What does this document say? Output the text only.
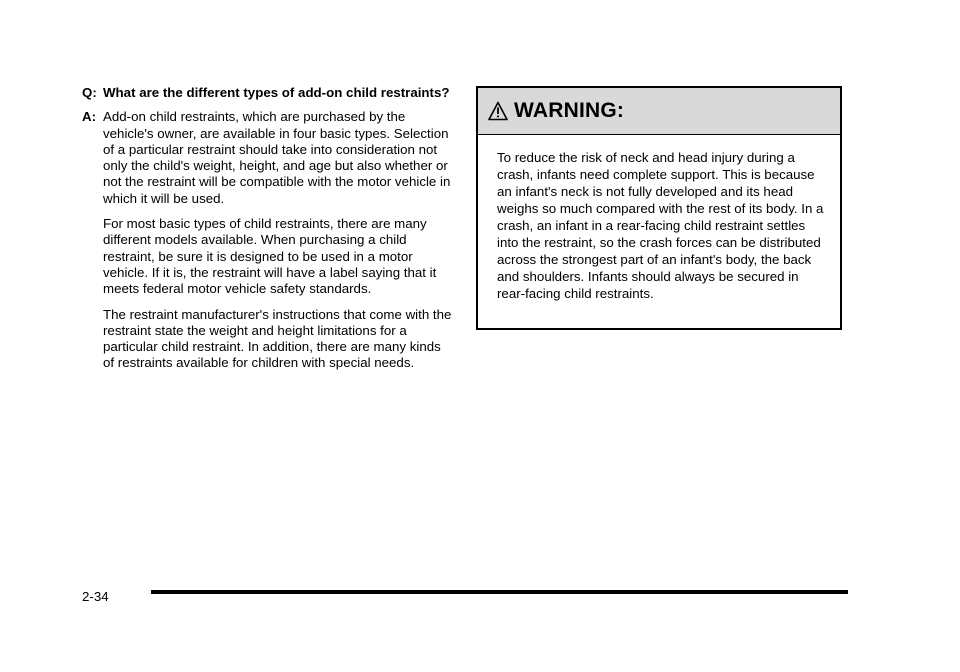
Q: What are the different types of add-on child restraints?
A: Add-on child restraints, which are purchased by the vehicle's owner, are available in four basic types. Selection of a particular restraint should take into consideration not only the child's weight, height, and age but also whether or not the restraint will be compatible with the motor vehicle in which it will be used.

For most basic types of child restraints, there are many different models available. When purchasing a child restraint, be sure it is designed to be used in a motor vehicle. If it is, the restraint will have a label saying that it meets federal motor vehicle safety standards.

The restraint manufacturer's instructions that come with the restraint state the weight and height limitations for a particular child restraint. In addition, there are many kinds of restraints available for children with special needs.

WARNING:

To reduce the risk of neck and head injury during a crash, infants need complete support. This is because an infant's neck is not fully developed and its head weighs so much compared with the rest of its body. In a crash, an infant in a rear-facing child restraint settles into the restraint, so the crash forces can be distributed across the strongest part of an infant's body, the back and shoulders. Infants should always be secured in rear-facing child restraints.

2-34
